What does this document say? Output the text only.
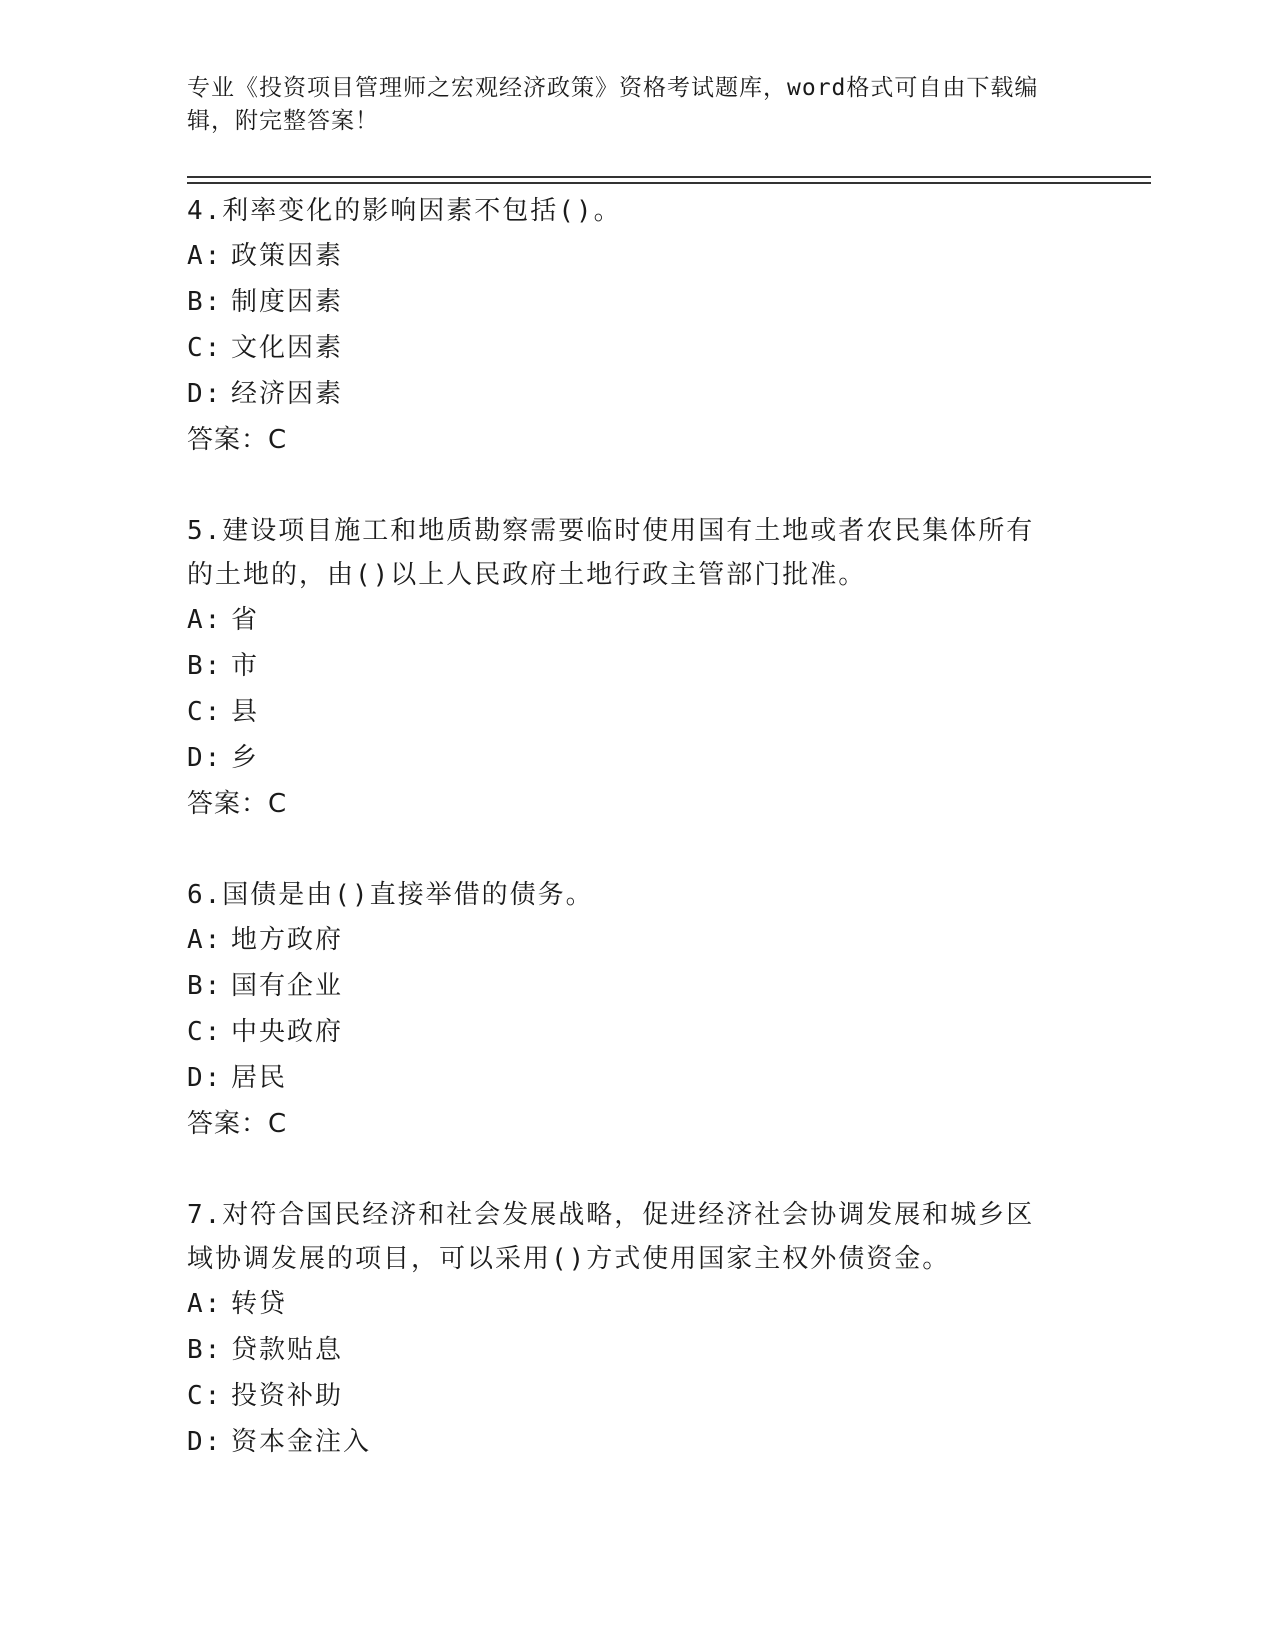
专业《投资项目管理师之宏观经济政策》资格考试题库，word格式可自由下载编
辑，附完整答案！

4.利率变化的影响因素不包括()。

A: 政策因素

B: 制度因素

C: 文化因素

D: 经济因素

答案：C

5.建设项目施工和地质勘察需要临时使用国有土地或者农民集体所有

的土地的，由()以上人民政府土地行政主管部门批准。

A: 省

B: 市

C: 县

D: 乡

答案：C

6.国债是由()直接举借的债务。

A: 地方政府

B: 国有企业

C: 中央政府

D: 居民

答案：C

7.对符合国民经济和社会发展战略，促进经济社会协调发展和城乡区

域协调发展的项目，可以采用()方式使用国家主权外债资金。

A: 转贷

B: 贷款贴息

C: 投资补助

D: 资本金注入
